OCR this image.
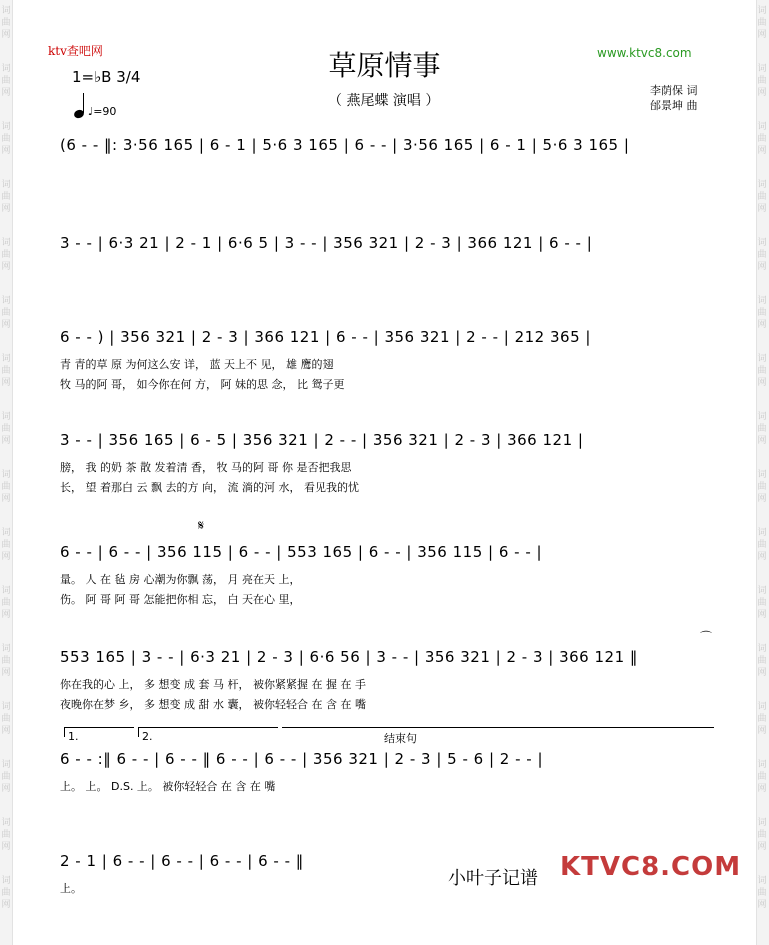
词
曲
网
词
曲
网
词
曲
网
词
曲
网
词
曲
网
词
曲
网
词
曲
网
词
曲
网
词
曲
网
词
曲
网
词
曲
网
词
曲
网
词
曲
网
词
曲
网
词
曲
网
词
曲
网
词
曲
网
词
曲
网
词
曲
网
词
曲
网
词
曲
网
词
曲
网
词
曲
网
词
曲
网
词
曲
网
词
曲
网
词
曲
网
词
曲
网
词
曲
网
词
曲
网
词
曲
网
词
曲
网
ktv查吧网	草原情事
（ 燕尾蝶 演唱 ）
www.ktvc8.com
李荫保 词
邰景坤 曲
1=♭B 3/4
♩=90
(6 - - ‖: 3·56 165 | 6 - 1 | 5·6 3 165 | 6 - - | 3·56 165 | 6 - 1 | 5·6 3 165 |
3 - - | 6·3 21 | 2 - 1 | 6·6 5 | 3 - - | 356 321 | 2 - 3 | 366 121 | 6 - - |
6 - - ) | 356 321 | 2 - 3 | 366 121 | 6 - - | 356 321 | 2 - - | 212 365 |
青 青的草 原 为何这么安 详， 蓝 天上不 见， 雄 鹰的翅
牧 马的阿 哥， 如今你在何 方， 阿 妹的思 念， 比 鸳子更
3 - - | 356 165 | 6 - 5 | 356 321 | 2 - - | 356 321 | 2 - 3 | 366 121 |
膀， 我 的奶 茶 散 发着清 香， 牧 马的阿 哥 你 是否把我思
长， 望 着那白 云 飘 去的方 向， 流 淌的河 水， 看见我的忧
𝄋
6 - - | 6 - - | 356 115 | 6 - - | 553 165 | 6 - - | 356 115 | 6 - - |
量。 人 在 毡 房 心潮为你飘 荡， 月 亮在天 上，
伤。 阿 哥 阿 哥 怎能把你相 忘， 白 天在心 里，
⌒
553 165 | 3 - - | 6·3 21 | 2 - 3 | 6·6 56 | 3 - - | 356 321 | 2 - 3 | 366 121 ‖
你在我的心 上， 多 想变 成 套 马 杆， 被你紧紧握 在 握 在 手
夜晚你在梦 乡， 多 想变 成 甜 水 囊， 被你轻轻合 在 含 在 嘴
1.	2.	结束句
6 - - :‖ 6 - - | 6 - - ‖ 6 - - | 6 - - | 356 321 | 2 - 3 | 5 - 6 | 2 - - |
上。 上。 D.S. 上。 被你轻轻合 在 含 在 嘴
2 - 1 | 6 - - | 6 - - | 6 - - | 6 - - ‖
上。	小叶子记谱 KTVC8.COM
